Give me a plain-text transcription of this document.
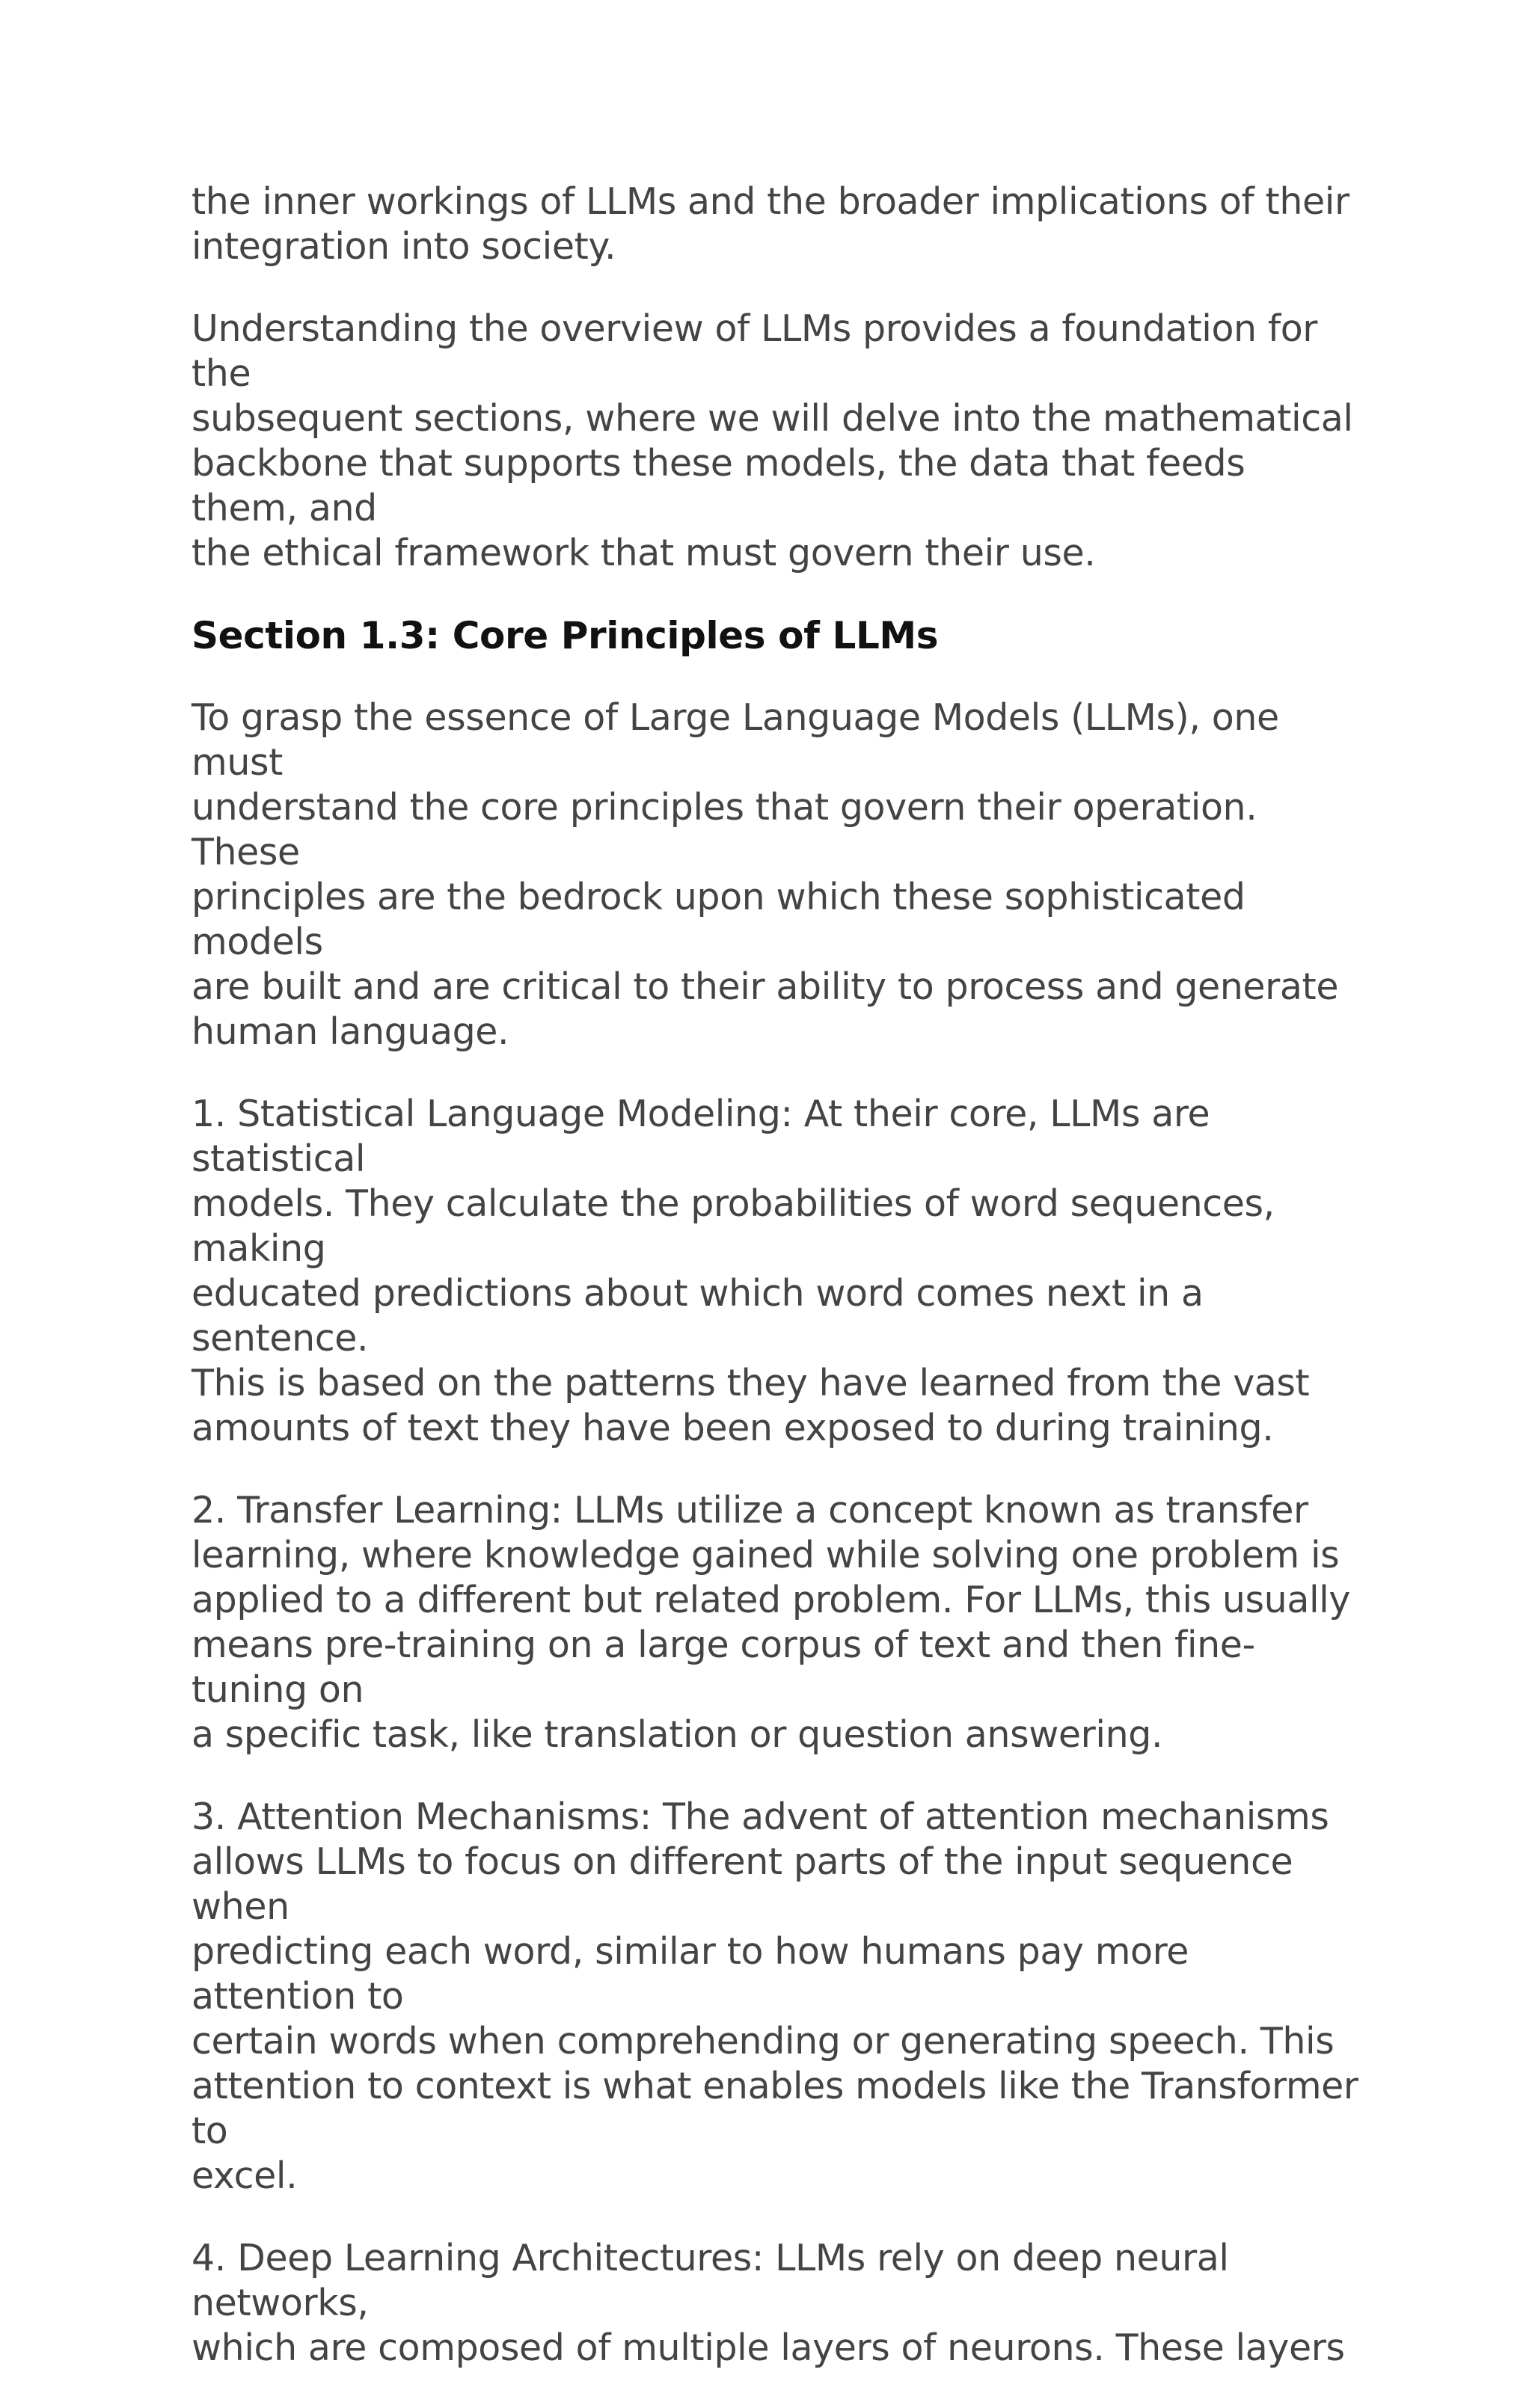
the inner workings of LLMs and the broader implications of their
integration into society.

Understanding the overview of LLMs provides a foundation for the
subsequent sections, where we will delve into the mathematical
backbone that supports these models, the data that feeds them, and
the ethical framework that must govern their use.

Section 1.3: Core Principles of LLMs

To grasp the essence of Large Language Models (LLMs), one must
understand the core principles that govern their operation. These
principles are the bedrock upon which these sophisticated models
are built and are critical to their ability to process and generate
human language.

1. Statistical Language Modeling: At their core, LLMs are statistical
models. They calculate the probabilities of word sequences, making
educated predictions about which word comes next in a sentence.
This is based on the patterns they have learned from the vast
amounts of text they have been exposed to during training.

2. Transfer Learning: LLMs utilize a concept known as transfer
learning, where knowledge gained while solving one problem is
applied to a different but related problem. For LLMs, this usually
means pre-training on a large corpus of text and then fine-tuning on
a specific task, like translation or question answering.

3. Attention Mechanisms: The advent of attention mechanisms
allows LLMs to focus on different parts of the input sequence when
predicting each word, similar to how humans pay more attention to
certain words when comprehending or generating speech. This
attention to context is what enables models like the Transformer to
excel.

4. Deep Learning Architectures: LLMs rely on deep neural networks,
which are composed of multiple layers of neurons. These layers
